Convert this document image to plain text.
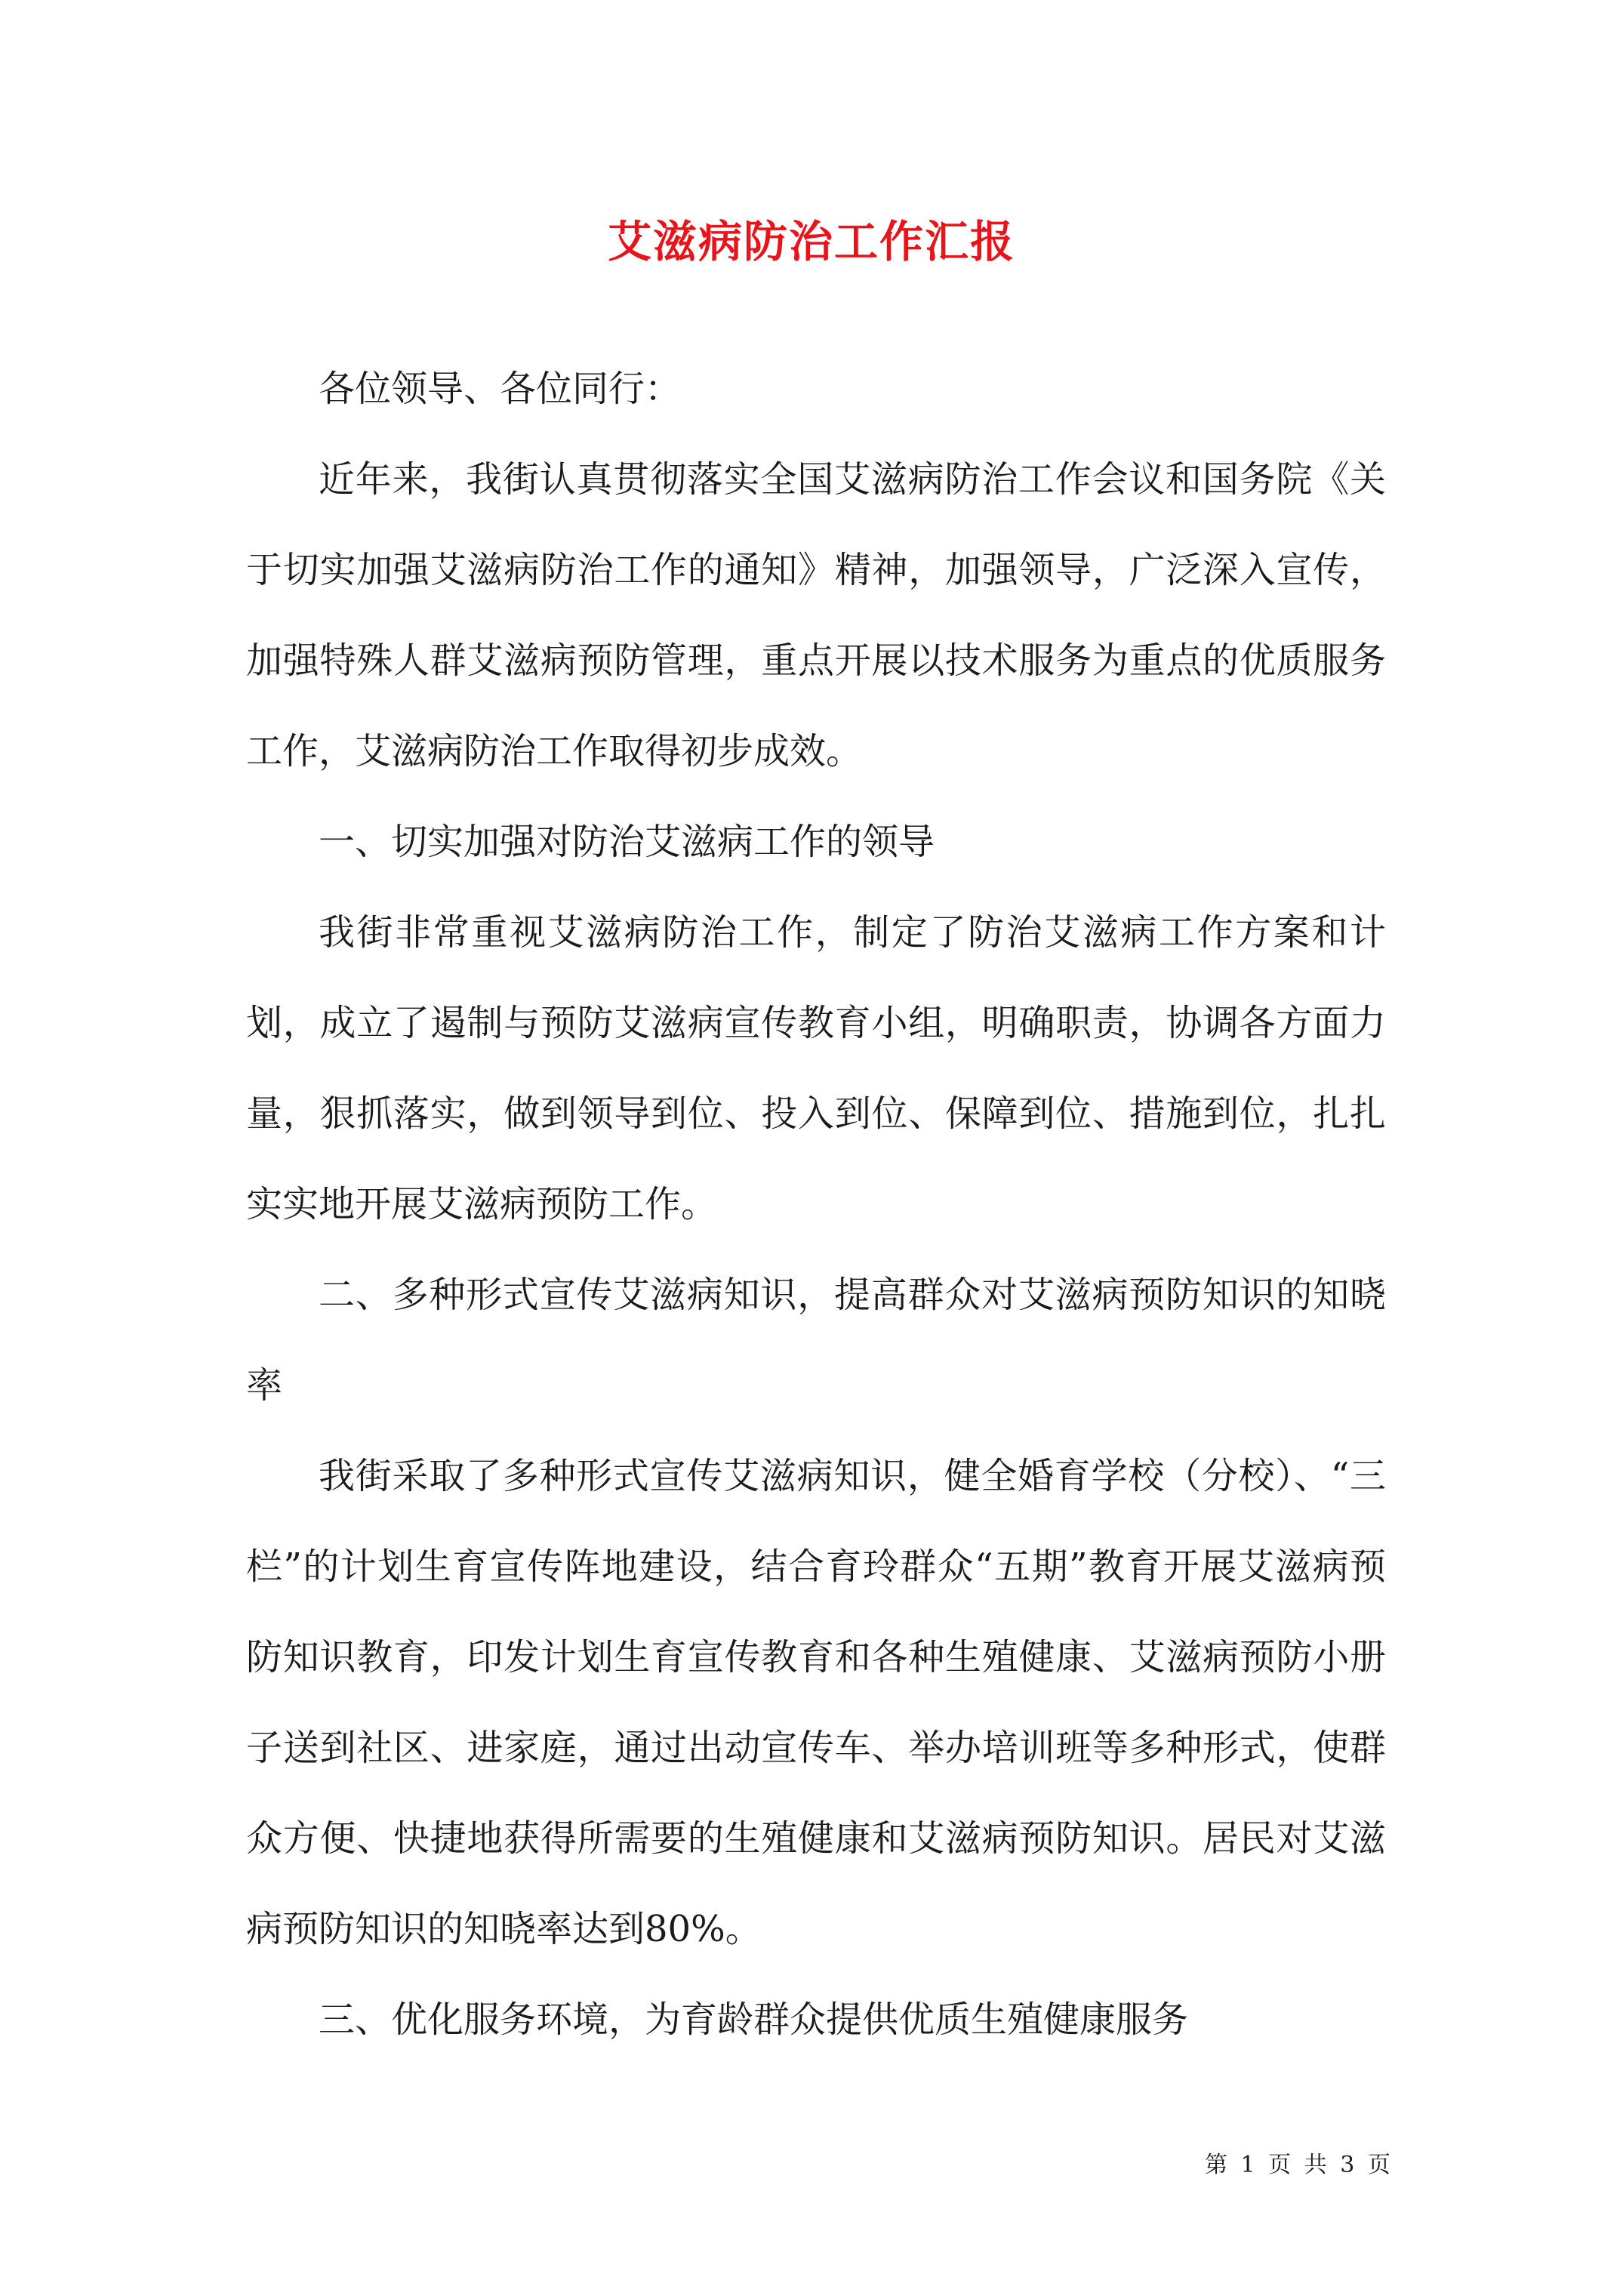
艾滋病防治工作汇报

各位领导、各位同行：

近年来，我街认真贯彻落实全国艾滋病防治工作会议和国务院《关于切实加强艾滋病防治工作的通知》精神，加强领导，广泛深入宣传，加强特殊人群艾滋病预防管理，重点开展以技术服务为重点的优质服务工作，艾滋病防治工作取得初步成效。

一、切实加强对防治艾滋病工作的领导

我街非常重视艾滋病防治工作，制定了防治艾滋病工作方案和计划，成立了遏制与预防艾滋病宣传教育小组，明确职责，协调各方面力量，狠抓落实，做到领导到位、投入到位、保障到位、措施到位，扎扎实实地开展艾滋病预防工作。

二、多种形式宣传艾滋病知识，提高群众对艾滋病预防知识的知晓率

我街采取了多种形式宣传艾滋病知识，健全婚育学校（分校）、“三栏”的计划生育宣传阵地建设，结合育玲群众“五期”教育开展艾滋病预防知识教育，印发计划生育宣传教育和各种生殖健康、艾滋病预防小册子送到社区、进家庭，通过出动宣传车、举办培训班等多种形式，使群众方便、快捷地获得所需要的生殖健康和艾滋病预防知识。居民对艾滋病预防知识的知晓率达到80%。

三、优化服务环境，为育龄群众提供优质生殖健康服务

第 1 页 共 3 页
